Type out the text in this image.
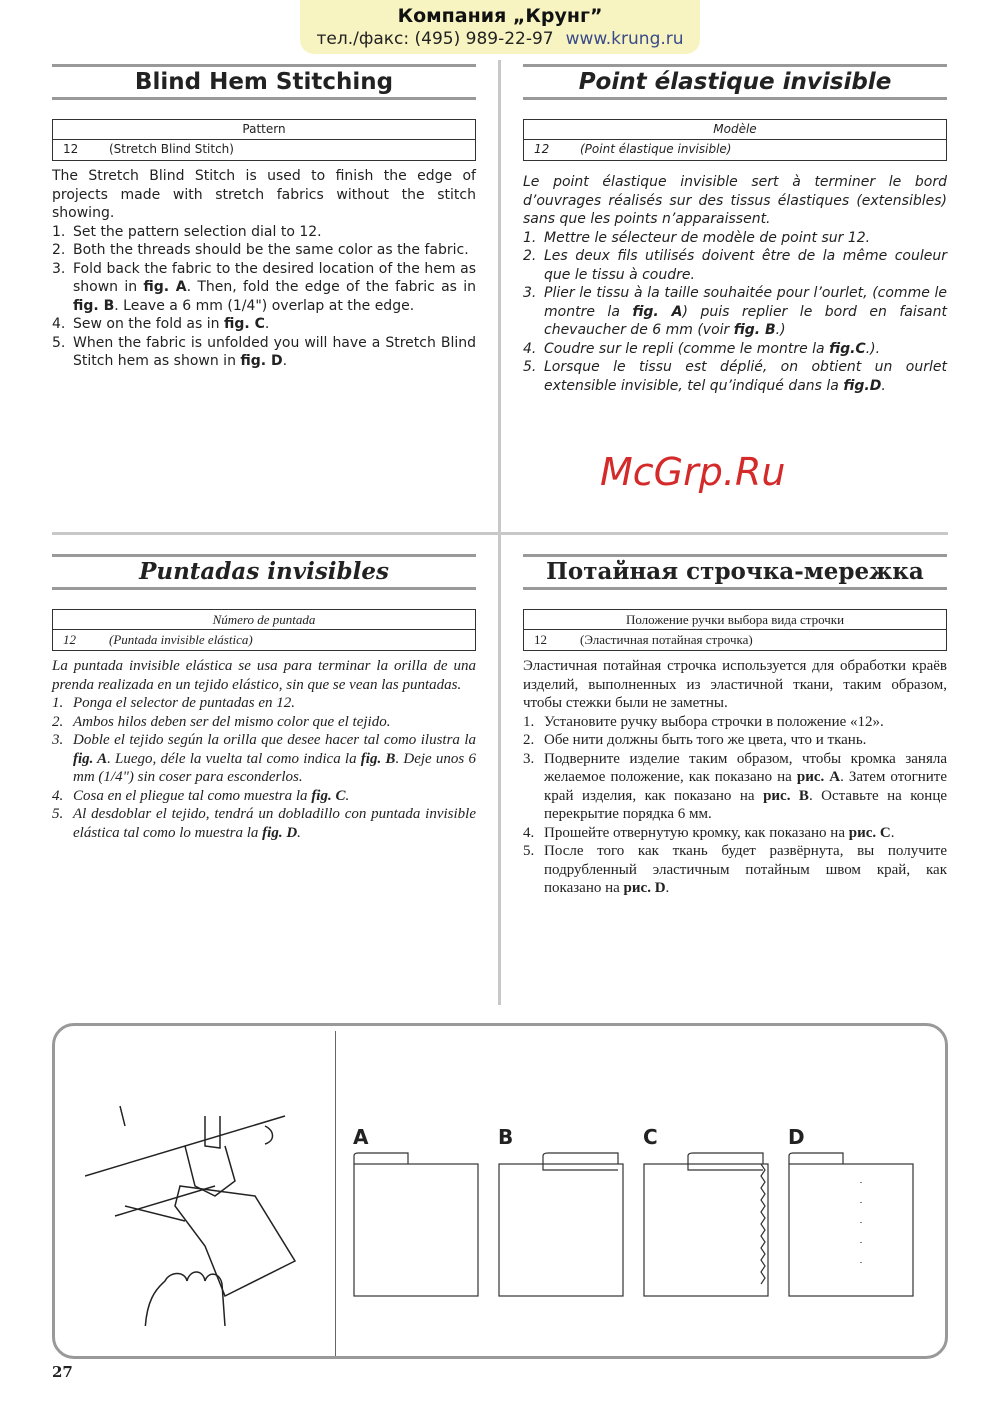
Компания „Крунг”
тел./факс: (495) 989-22-97 www.krung.ru
Blind Hem Stitching
Pattern
12	(Stretch Blind Stitch)

The Stretch Blind Stitch is used to finish the edge of projects made with stretch fabrics without the stitch showing.

1. Set the pattern selection dial to 12.
2. Both the threads should be the same color as the fabric.
3. Fold back the fabric to the desired location of the hem as shown in fig. A. Then, fold the edge of the fabric as in fig. B. Leave a 6 mm (1/4") overlap at the edge.
4. Sew on the fold as in fig. C.
5. When the fabric is unfolded you will have a Stretch Blind Stitch hem as shown in fig. D.
Point élastique invisible
Modèle
12	(Point élastique invisible)

Le point élastique invisible sert à terminer le bord d’ouvrages réalisés sur des tissus élastiques (extensibles) sans que les points n’apparaissent.

1. Mettre le sélecteur de modèle de point sur 12.
2. Les deux fils utilisés doivent être de la même couleur que le tissu à coudre.
3. Plier le tissu à la taille souhaitée pour l’ourlet, (comme le montre la fig. A) puis replier le bord en faisant chevaucher de 6 mm (voir fig. B.)
4. Coudre sur le repli (comme le montre la fig.C.).
5. Lorsque le tissu est déplié, on obtient un ourlet extensible invisible, tel qu’indiqué dans la fig.D.
Puntadas invisibles
Número de puntada
12	(Puntada invisible elástica)

La puntada invisible elástica se usa para terminar la orilla de una prenda realizada en un tejido elástico, sin que se vean las puntadas.

1. Ponga el selector de puntadas en 12.
2. Ambos hilos deben ser del mismo color que el tejido.
3. Doble el tejido según la orilla que desee hacer tal como ilustra la fig. A. Luego, déle la vuelta tal como indica la fig. B. Deje unos 6 mm (1/4") sin coser para esconderlos.
4. Cosa en el pliegue tal como muestra la fig. C.
5. Al desdoblar el tejido, tendrá un dobladillo con puntada invisible elástica tal como lo muestra la fig. D.
Потайная строчка-мережка
Положение ручки выбора вида строчки
12	(Эластичная потайная строчка)

Эластичная потайная строчка используется для обработки краёв изделий, выполненных из эластичной ткани, таким образом, чтобы стежки были не заметны.

1. Установите ручку выбора строчки в положение «12».
2. Обе нити должны быть того же цвета, что и ткань.
3. Подверните изделие таким образом, чтобы кромка заняла желаемое положение, как показано на рис. A. Затем отогните край изделия, как показано на рис. B. Оставьте на конце перекрытие порядка 6 мм.
4. Прошейте отвернутую кромку, как показано на рис. C.
5. После того как ткань будет развёрнута, вы получите подрубленный эластичным потайным швом край, как показано на рис. D.
McGrp.Ru
A	B	C	D
27
